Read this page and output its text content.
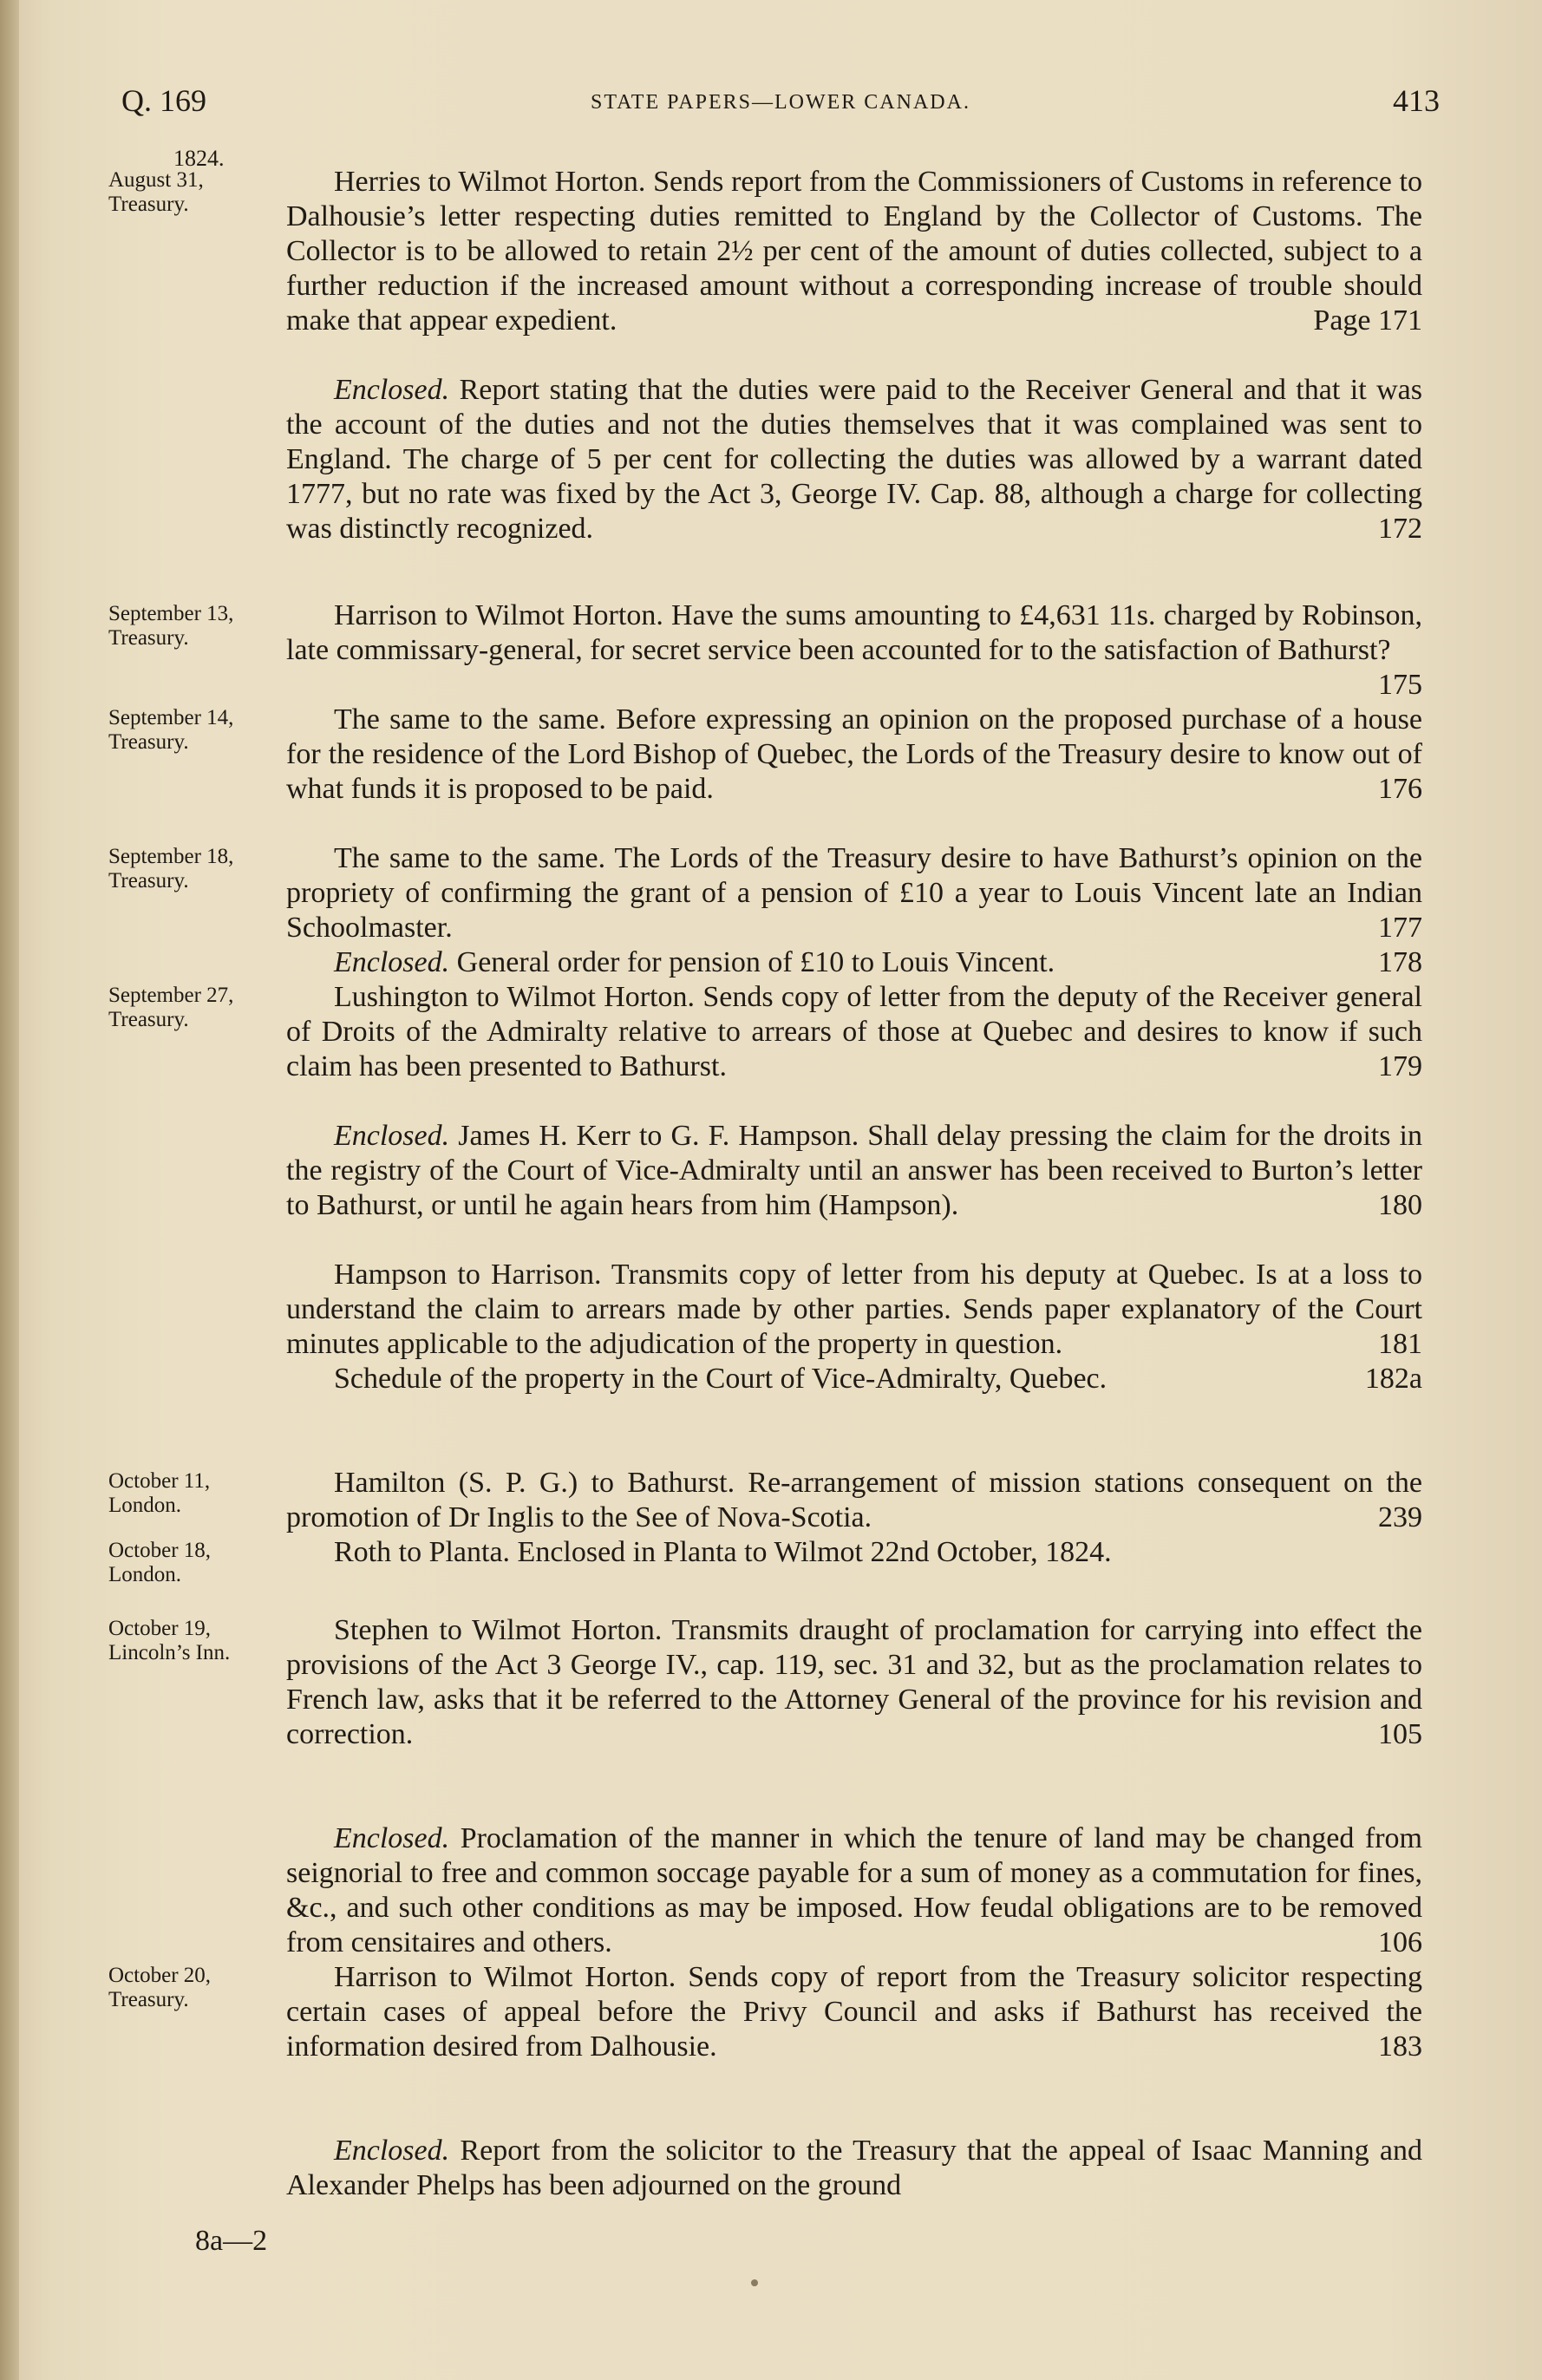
Q. 169	STATE PAPERS—LOWER CANADA.	413
1824.
August 31,
Treasury.
Herries to Wilmot Horton. Sends report from the Commissioners of Customs in reference to Dalhousie’s letter respecting duties remitted to England by the Collector of Customs. The Collector is to be allowed to retain 2½ per cent of the amount of duties collected, subject to a further reduction if the increased amount without a corresponding increase of trouble should make that appear expedient.	Page 171
Enclosed. Report stating that the duties were paid to the Receiver General and that it was the account of the duties and not the duties themselves that it was complained was sent to England. The charge of 5 per cent for collecting the duties was allowed by a warrant dated 1777, but no rate was fixed by the Act 3, George IV. Cap. 88, although a charge for collecting was distinctly recognized.	172
September 13,
Treasury.
Harrison to Wilmot Horton. Have the sums amounting to £4,631 11s. charged by Robinson, late commissary-general, for secret service been accounted for to the satisfaction of Bathurst?
175
September 14,
Treasury.
The same to the same. Before expressing an opinion on the proposed purchase of a house for the residence of the Lord Bishop of Quebec, the Lords of the Treasury desire to know out of what funds it is proposed to be paid.	176
September 18,
Treasury.
The same to the same. The Lords of the Treasury desire to have Bathurst’s opinion on the propriety of confirming the grant of a pension of £10 a year to Louis Vincent late an Indian Schoolmaster.	177
Enclosed. General order for pension of £10 to Louis Vincent.	178
September 27,
Treasury.
Lushington to Wilmot Horton. Sends copy of letter from the deputy of the Receiver general of Droits of the Admiralty relative to arrears of those at Quebec and desires to know if such claim has been presented to Bathurst.	179
Enclosed. James H. Kerr to G. F. Hampson. Shall delay pressing the claim for the droits in the registry of the Court of Vice-Admiralty until an answer has been received to Burton’s letter to Bathurst, or until he again hears from him (Hampson).	180
Hampson to Harrison. Transmits copy of letter from his deputy at Quebec. Is at a loss to understand the claim to arrears made by other parties. Sends paper explanatory of the Court minutes applicable to the adjudication of the property in question.	181
Schedule of the property in the Court of Vice-Admiralty, Quebec.	182a
October 11,
London.
Hamilton (S. P. G.) to Bathurst. Re-arrangement of mission stations consequent on the promotion of Dr Inglis to the See of Nova-Scotia.	239
October 18,
London.
Roth to Planta. Enclosed in Planta to Wilmot 22nd October, 1824.
October 19,
Lincoln’s Inn.
Stephen to Wilmot Horton. Transmits draught of proclamation for carrying into effect the provisions of the Act 3 George IV., cap. 119, sec. 31 and 32, but as the proclamation relates to French law, asks that it be referred to the Attorney General of the province for his revision and correction.	105
Enclosed. Proclamation of the manner in which the tenure of land may be changed from seignorial to free and common soccage payable for a sum of money as a commutation for fines, &c., and such other conditions as may be imposed. How feudal obligations are to be removed from censitaires and others.	106
October 20,
Treasury.
Harrison to Wilmot Horton. Sends copy of report from the Treasury solicitor respecting certain cases of appeal before the Privy Council and asks if Bathurst has received the information desired from Dalhousie.	183
Enclosed. Report from the solicitor to the Treasury that the appeal of Isaac Manning and Alexander Phelps has been adjourned on the ground
8a—2
